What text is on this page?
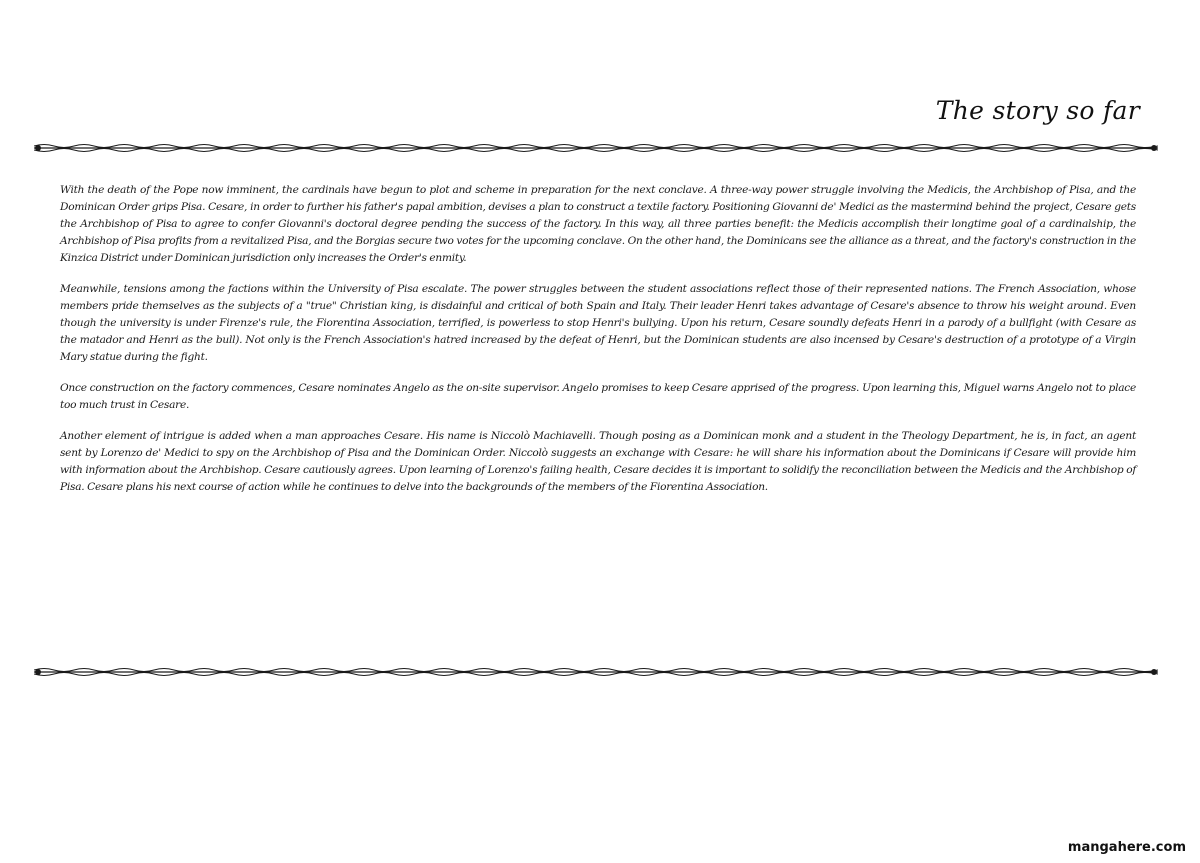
The story so far

With the death of the Pope now imminent, the cardinals have begun to plot and scheme in preparation for the next conclave. A three-way power struggle involving the Medicis, the Archbishop of Pisa, and the Dominican Order grips Pisa. Cesare, in order to further his father's papal ambition, devises a plan to construct a textile factory. Positioning Giovanni de' Medici as the mastermind behind the project, Cesare gets the Archbishop of Pisa to agree to confer Giovanni's doctoral degree pending the success of the factory. In this way, all three parties benefit: the Medicis accomplish their longtime goal of a cardinalship, the Archbishop of Pisa profits from a revitalized Pisa, and the Borgias secure two votes for the upcoming conclave. On the other hand, the Dominicans see the alliance as a threat, and the factory's construction in the Kinzica District under Dominican jurisdiction only increases the Order's enmity.

Meanwhile, tensions among the factions within the University of Pisa escalate. The power struggles between the student associations reflect those of their represented nations. The French Association, whose members pride themselves as the subjects of a "true" Christian king, is disdainful and critical of both Spain and Italy. Their leader Henri takes advantage of Cesare's absence to throw his weight around. Even though the university is under Firenze's rule, the Fiorentina Association, terrified, is powerless to stop Henri's bullying. Upon his return, Cesare soundly defeats Henri in a parody of a bullfight (with Cesare as the matador and Henri as the bull). Not only is the French Association's hatred increased by the defeat of Henri, but the Dominican students are also incensed by Cesare's destruction of a prototype of a Virgin Mary statue during the fight.

Once construction on the factory commences, Cesare nominates Angelo as the on-site supervisor. Angelo promises to keep Cesare apprised of the progress. Upon learning this, Miguel warns Angelo not to place too much trust in Cesare.

Another element of intrigue is added when a man approaches Cesare. His name is Niccolò Machiavelli. Though posing as a Dominican monk and a student in the Theology Department, he is, in fact, an agent sent by Lorenzo de' Medici to spy on the Archbishop of Pisa and the Dominican Order. Niccolò suggests an exchange with Cesare: he will share his information about the Dominicans if Cesare will provide him with information about the Archbishop. Cesare cautiously agrees. Upon learning of Lorenzo's failing health, Cesare decides it is important to solidify the reconciliation between the Medicis and the Archbishop of Pisa. Cesare plans his next course of action while he continues to delve into the backgrounds of the members of the Fiorentina Association.

mangahere.com
